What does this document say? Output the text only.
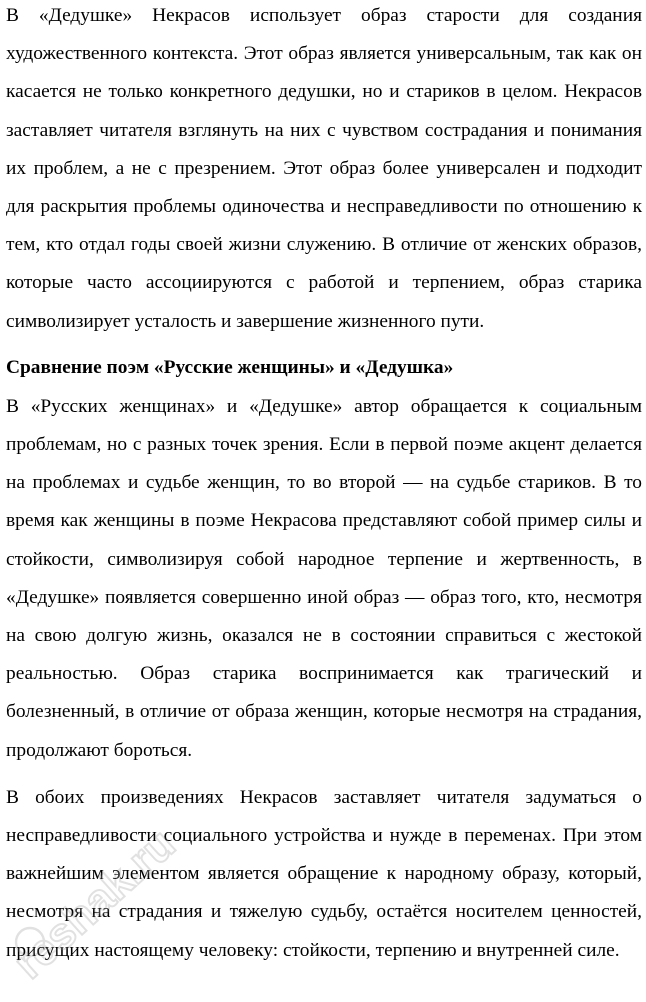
В «Дедушке» Некрасов использует образ старости для создания художественного контекста. Этот образ является универсальным, так как он касается не только конкретного дедушки, но и стариков в целом. Некрасов заставляет читателя взглянуть на них с чувством сострадания и понимания их проблем, а не с презрением. Этот образ более универсален и подходит для раскрытия проблемы одиночества и несправедливости по отношению к тем, кто отдал годы своей жизни служению. В отличие от женских образов, которые часто ассоциируются с работой и терпением, образ старика символизирует усталость и завершение жизненного пути.

Сравнение поэм «Русские женщины» и «Дедушка»

В «Русских женщинах» и «Дедушке» автор обращается к социальным проблемам, но с разных точек зрения. Если в первой поэме акцент делается на проблемах и судьбе женщин, то во второй — на судьбе стариков. В то время как женщины в поэме Некрасова представляют собой пример силы и стойкости, символизируя собой народное терпение и жертвенность, в «Дедушке» появляется совершенно иной образ — образ того, кто, несмотря на свою долгую жизнь, оказался не в состоянии справиться с жестокой реальностью. Образ старика воспринимается как трагический и болезненный, в отличие от образа женщин, которые несмотря на страдания, продолжают бороться.

В обоих произведениях Некрасов заставляет читателя задуматься о несправедливости социального устройства и нужде в переменах. При этом важнейшим элементом является обращение к народному образу, который, несмотря на страдания и тяжелую судьбу, остаётся носителем ценностей, присущих настоящему человеку: стойкости, терпению и внутренней силе.

reshak.ru
